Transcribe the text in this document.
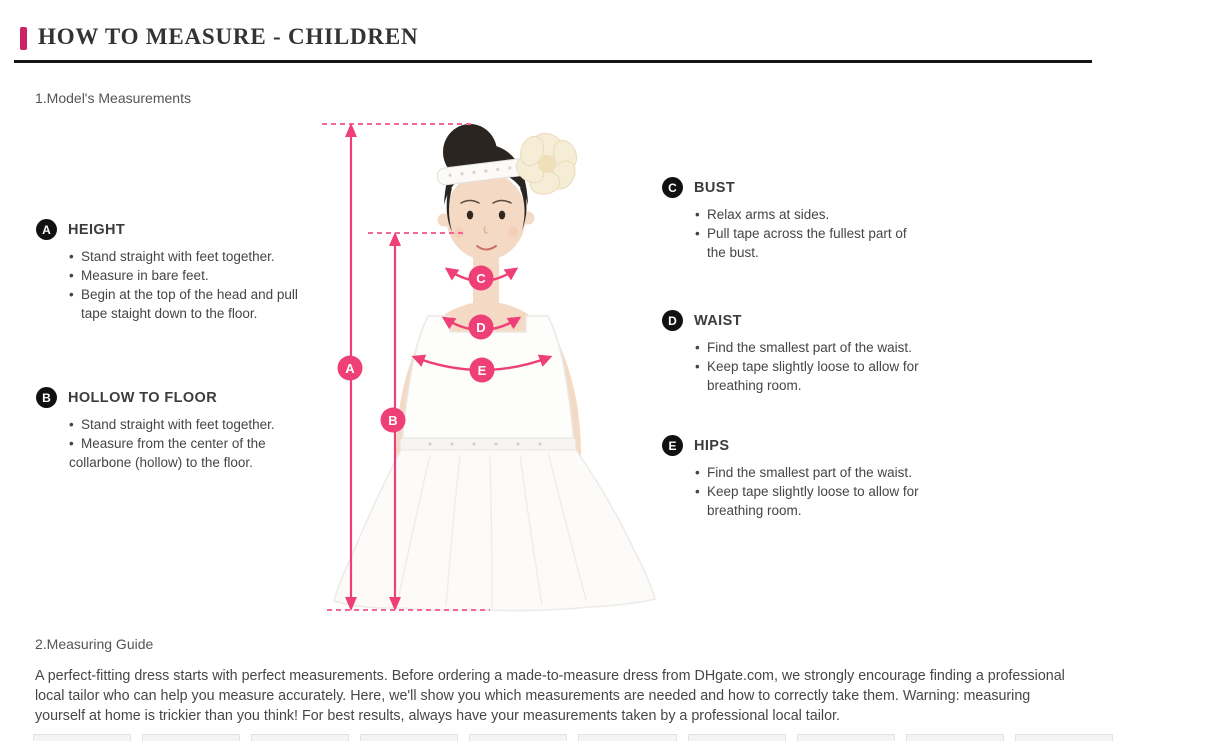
HOW TO MEASURE - CHILDREN
1.Model's Measurements
A
B
C
D
E
A	HEIGHT
• Stand straight with feet together.
• Measure in bare feet.
• Begin at the top of the head and pull
tape staight down to the floor.
B	HOLLOW TO FLOOR
• Stand straight with feet together.
• Measure from the center of the
collarbone (hollow) to the floor.
C	BUST
• Relax arms at sides.
• Pull tape across the fullest part of
the bust.
D	WAIST
• Find the smallest part of the waist.
• Keep tape slightly loose to allow for
breathing room.
E	HIPS
• Find the smallest part of the waist.
• Keep tape slightly loose to allow for
breathing room.
2.Measuring Guide

A perfect-fitting dress starts with perfect measurements. Before ordering a made-to-measure dress from DHgate.com, we strongly encourage finding a professional local tailor who can help you measure accurately. Here, we'll show you which measurements are needed and how to correctly take them. Warning: measuring yourself at home is trickier than you think! For best results, always have your measurements taken by a professional local tailor.
